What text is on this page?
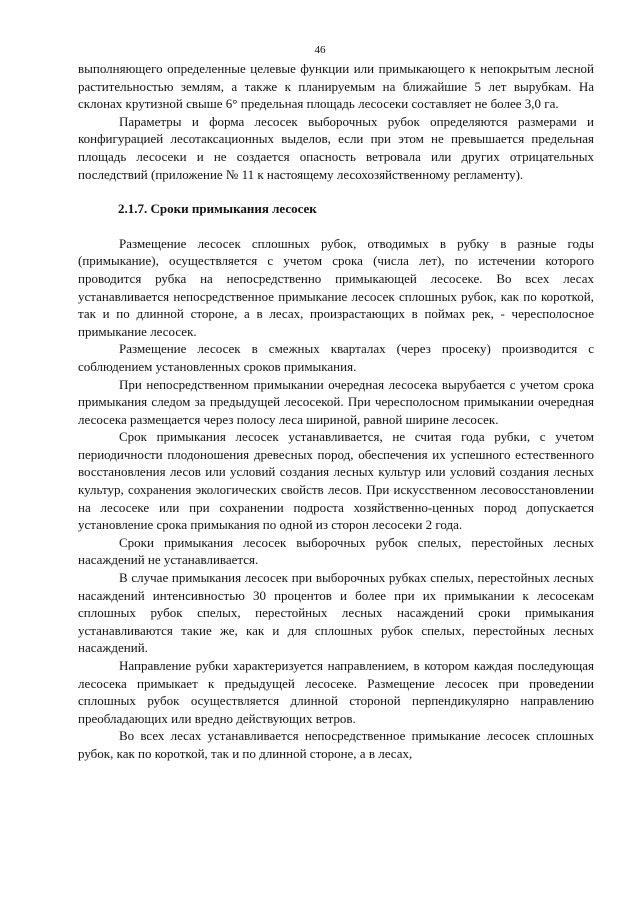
46

выполняющего определенные целевые функции или примыкающего к непокрытым лесной растительностью землям, а также к планируемым на ближайшие 5 лет вырубкам. На склонах крутизной свыше 6° предельная площадь лесосеки составляет не более 3,0 га.

Параметры и форма лесосек выборочных рубок определяются размерами и конфигурацией лесотаксационных выделов, если при этом не превышается предельная площадь лесосеки и не создается опасность ветровала или других отрицательных последствий (приложение № 11 к настоящему лесохозяйственному регламенту).

2.1.7. Сроки примыкания лесосек

Размещение лесосек сплошных рубок, отводимых в рубку в разные годы (примыкание), осуществляется с учетом срока (числа лет), по истечении которого проводится рубка на непосредственно примыкающей лесосеке. Во всех лесах устанавливается непосредственное примыкание лесосек сплошных рубок, как по короткой, так и по длинной стороне, а в лесах, произрастающих в поймах рек, - чересполосное примыкание лесосек.

Размещение лесосек в смежных кварталах (через просеку) производится с соблюдением установленных сроков примыкания.

При непосредственном примыкании очередная лесосека вырубается с учетом срока примыкания следом за предыдущей лесосекой. При чересполосном примыкании очередная лесосека размещается через полосу леса шириной, равной ширине лесосек.

Срок примыкания лесосек устанавливается, не считая года рубки, с учетом периодичности плодоношения древесных пород, обеспечения их успешного естественного восстановления лесов или условий создания лесных культур или условий создания лесных культур, сохранения экологических свойств лесов. При искусственном лесовосстановлении на лесосеке или при сохранении подроста хозяйственно-ценных пород допускается установление срока примыкания по одной из сторон лесосеки 2 года.

Сроки примыкания лесосек выборочных рубок спелых, перестойных лесных насаждений не устанавливается.

В случае примыкания лесосек при выборочных рубках спелых, перестойных лесных насаждений интенсивностью 30 процентов и более при их примыкании к лесосекам сплошных рубок спелых, перестойных лесных насаждений сроки примыкания устанавливаются такие же, как и для сплошных рубок спелых, перестойных лесных насаждений.

Направление рубки характеризуется направлением, в котором каждая последующая лесосека примыкает к предыдущей лесосеке. Размещение лесосек при проведении сплошных рубок осуществляется длинной стороной перпендикулярно направлению преобладающих или вредно действующих ветров.

Во всех лесах устанавливается непосредственное примыкание лесосек сплошных рубок, как по короткой, так и по длинной стороне, а в лесах,
